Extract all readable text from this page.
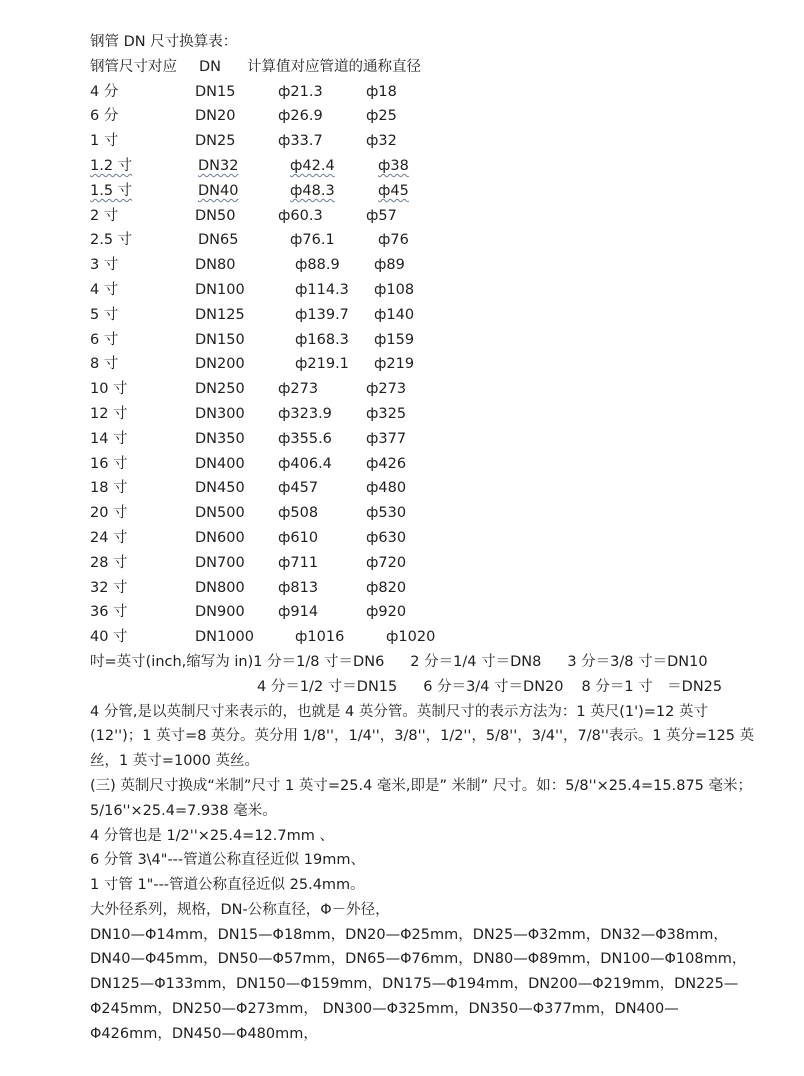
钢管 DN 尺寸换算表：
钢管尺寸对应 DN 计算值对应管道的通称直径
4 分	DN15	ф21.3	ф18
6 分	DN20	ф26.9	ф25
1 寸	DN25	ф33.7	ф32
1.2 寸	DN32	ф42.4	ф38
1.5 寸	DN40	ф48.3	ф45
2 寸	DN50	ф60.3	ф57
2.5 寸	DN65	ф76.1	ф76
3 寸	DN80	ф88.9 ф89
4 寸	DN100	ф114.3 ф108
5 寸	DN125	ф139.7 ф140
6 寸	DN150	ф168.3 ф159
8 寸	DN200	ф219.1 ф219
10 寸	DN250 ф273	ф273
12 寸	DN300 ф323.9 ф325
14 寸	DN350 ф355.6 ф377
16 寸	DN400 ф406.4 ф426
18 寸	DN450 ф457	ф480
20 寸	DN500 ф508	ф530
24 寸	DN600 ф610	ф630
28 寸	DN700 ф711	ф720
32 寸	DN800 ф813	ф820
36 寸	DN900 ф914	ф920
40 寸	DN1000	ф1016	ф1020
吋=英寸(inch,缩写为 in)1 分＝1/8 寸＝DN6 2 分＝1/4 寸＝DN8 3 分＝3/8 寸＝DN10
4 分＝1/2 寸＝DN15 6 分＝3/4 寸＝DN20 8 分＝1 寸　＝DN25
4 分管,是以英制尺寸来表示的，也就是 4 英分管。英制尺寸的表示方法为：1 英尺(1')=12 英寸(12'')；1 英寸=8 英分。英分用 1/8''，1/4''，3/8''，1/2''，5/8''，3/4''，7/8''表示。1 英分=125 英丝，1 英寸=1000 英丝。
(三) 英制尺寸换成“米制”尺寸 1 英寸=25.4 毫米,即是” 米制” 尺寸。如：5/8''×25.4=15.875 毫米；5/16''×25.4=7.938 毫米。
4 分管也是 1/2''×25.4=12.7mm 、
6 分管 3\4"---管道公称直径近似 19mm、
1 寸管 1"---管道公称直径近似 25.4mm。
大外径系列，规格，DN-公称直径，Φ－外径，
DN10—Φ14mm，DN15—Φ18mm，DN20—Φ25mm，DN25—Φ32mm，DN32—Φ38mm，DN40—Φ45mm，DN50—Φ57mm，DN65—Φ76mm，DN80—Φ89mm，DN100—Φ108mm，DN125—Φ133mm，DN150—Φ159mm，DN175—Φ194mm，DN200—Φ219mm，DN225—Φ245mm，DN250—Φ273mm， DN300—Φ325mm，DN350—Φ377mm，DN400—Φ426mm，DN450—Φ480mm，
